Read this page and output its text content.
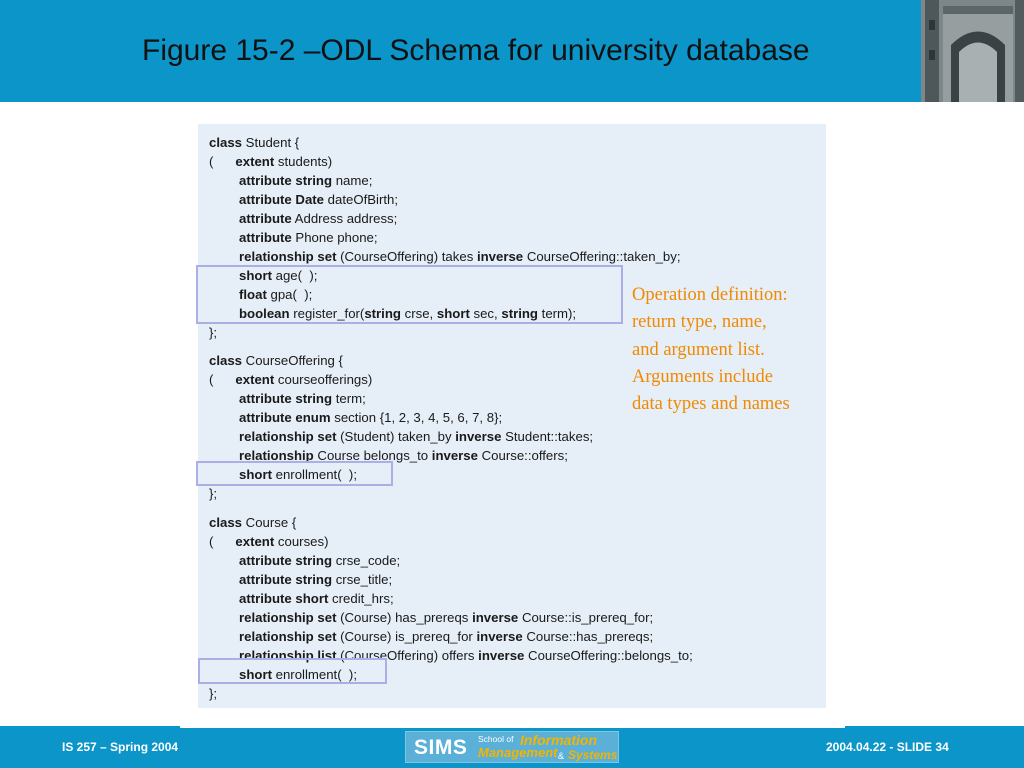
Figure 15-2 –ODL Schema for university database
class Student {
( extent students)
attribute string name;
attribute Date dateOfBirth;
attribute Address address;
attribute Phone phone;
relationship set (CourseOffering) takes inverse CourseOffering::taken_by;
short age(  );
float gpa(  );
boolean register_for(string crse, short sec, string term);
};
class CourseOffering {
( extent courseofferings)
attribute string term;
attribute enum section {1, 2, 3, 4, 5, 6, 7, 8};
relationship set (Student) taken_by inverse Student::takes;
relationship Course belongs_to inverse Course::offers;
short enrollment(  );
};
class Course {
( extent courses)
attribute string crse_code;
attribute string crse_title;
attribute short credit_hrs;
relationship set (Course) has_prereqs inverse Course::is_prereq_for;
relationship set (Course) is_prereq_for inverse Course::has_prereqs;
relationship list (CourseOffering) offers inverse CourseOffering::belongs_to;
short enrollment(  );
};
Operation definition:
return type, name,
and argument list.
Arguments include
data types and names
IS 257 – Spring 2004	2004.04.22 - SLIDE 34
SIMS School of Information
Management & Systems
